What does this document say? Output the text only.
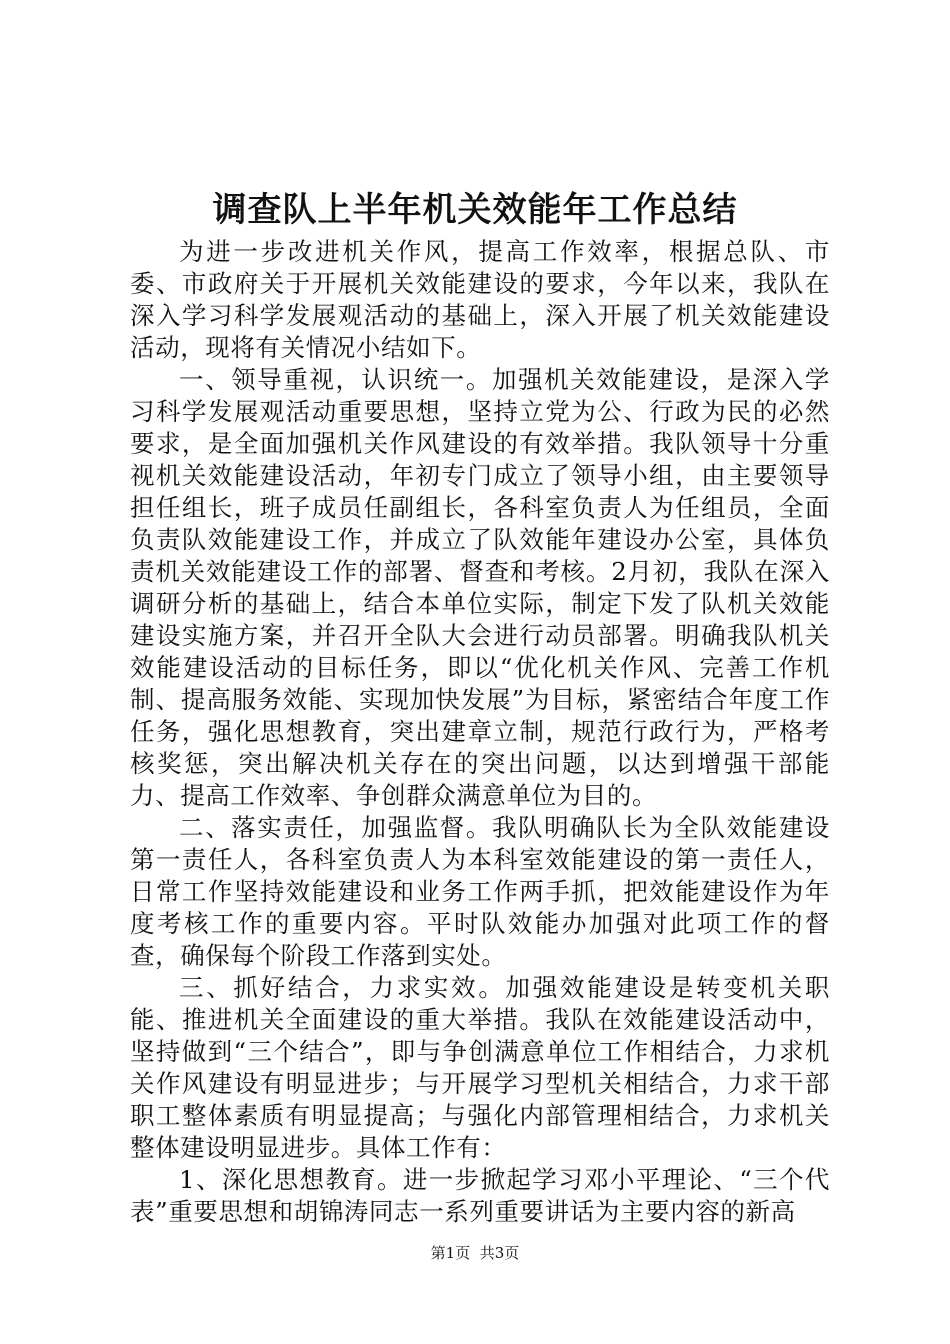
调查队上半年机关效能年工作总结

为进一步改进机关作风，提高工作效率，根据总队、市委、市政府关于开展机关效能建设的要求，今年以来，我队在深入学习科学发展观活动的基础上，深入开展了机关效能建设活动，现将有关情况小结如下。

一、领导重视，认识统一。加强机关效能建设，是深入学习科学发展观活动重要思想，坚持立党为公、行政为民的必然要求，是全面加强机关作风建设的有效举措。我队领导十分重视机关效能建设活动，年初专门成立了领导小组，由主要领导担任组长，班子成员任副组长，各科室负责人为任组员，全面负责队效能建设工作，并成立了队效能年建设办公室，具体负责机关效能建设工作的部署、督查和考核。2月初，我队在深入调研分析的基础上，结合本单位实际，制定下发了队机关效能建设实施方案，并召开全队大会进行动员部署。明确我队机关效能建设活动的目标任务，即以“优化机关作风、完善工作机制、提高服务效能、实现加快发展”为目标，紧密结合年度工作任务，强化思想教育，突出建章立制，规范行政行为，严格考核奖惩，突出解决机关存在的突出问题，以达到增强干部能力、提高工作效率、争创群众满意单位为目的。

二、落实责任，加强监督。我队明确队长为全队效能建设第一责任人，各科室负责人为本科室效能建设的第一责任人，日常工作坚持效能建设和业务工作两手抓，把效能建设作为年度考核工作的重要内容。平时队效能办加强对此项工作的督查，确保每个阶段工作落到实处。

三、抓好结合，力求实效。加强效能建设是转变机关职能、推进机关全面建设的重大举措。我队在效能建设活动中，坚持做到“三个结合”，即与争创满意单位工作相结合，力求机关作风建设有明显进步；与开展学习型机关相结合，力求干部职工整体素质有明显提高；与强化内部管理相结合，力求机关整体建设明显进步。具体工作有：

1、深化思想教育。进一步掀起学习邓小平理论、“三个代表”重要思想和胡锦涛同志一系列重要讲话为主要内容的新高

第1页 共3页
